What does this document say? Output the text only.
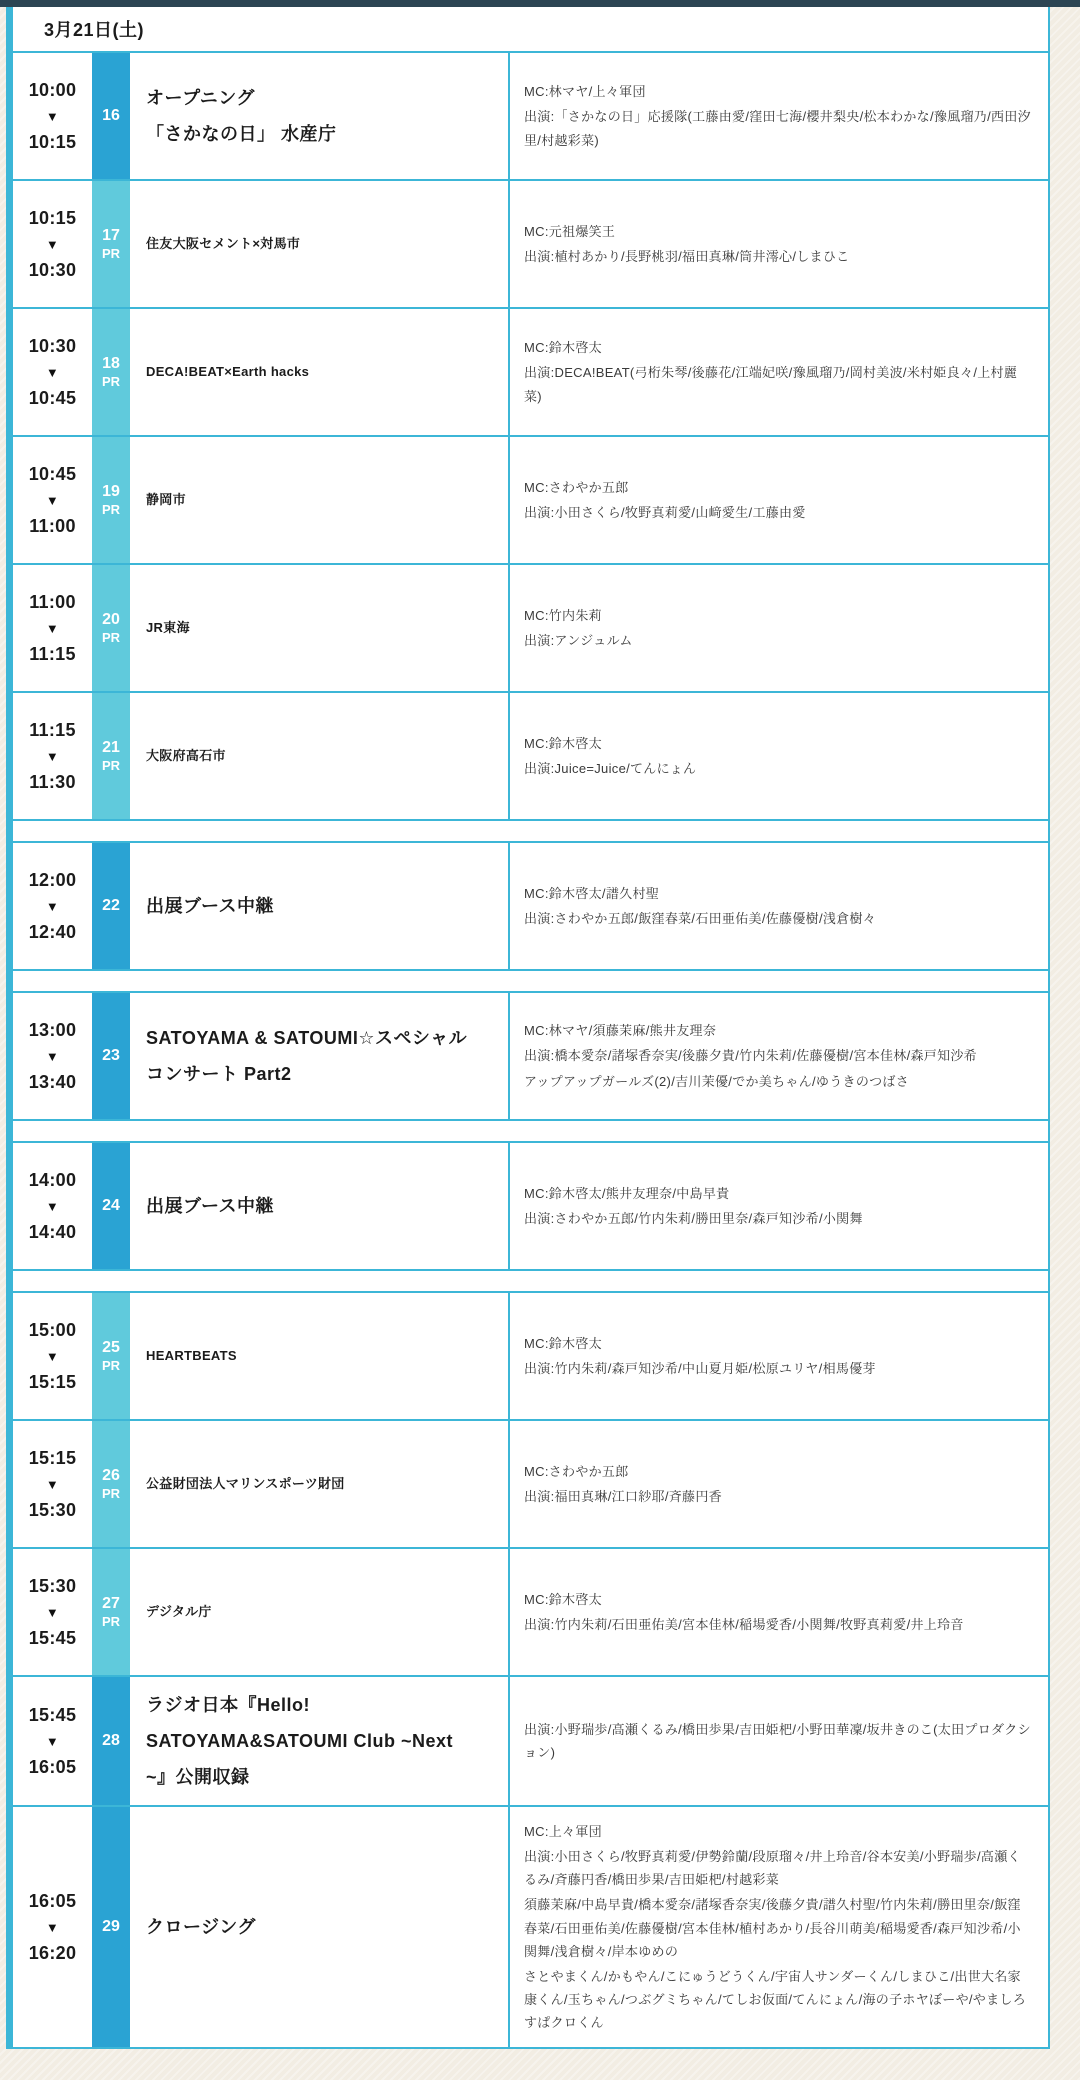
3月21日(土)
10:00
▼
10:15
16
オープニング
「さかなの日」 水産庁

MC:林マヤ/上々軍団

出演:「さかなの日」応援隊(工藤由愛/窪田七海/櫻井梨央/松本わかな/豫風瑠乃/西田汐里/村越彩菜)

10:15
▼
10:30
17
PR
住友大阪セメント×対馬市

MC:元祖爆笑王

出演:植村あかり/長野桃羽/福田真琳/筒井澪心/しまひこ

10:30
▼
10:45
18
PR
DECA!BEAT×Earth hacks

MC:鈴木啓太

出演:DECA!BEAT(弓桁朱琴/後藤花/江端妃咲/豫風瑠乃/岡村美波/米村姫良々/上村麗菜)

10:45
▼
11:00
19
PR
静岡市

MC:さわやか五郎

出演:小田さくら/牧野真莉愛/山﨑愛生/工藤由愛

11:00
▼
11:15
20
PR
JR東海

MC:竹内朱莉

出演:アンジュルム

11:15
▼
11:30
21
PR
大阪府高石市

MC:鈴木啓太

出演:Juice=Juice/てんにょん

12:00
▼
12:40
22 出展ブース中継

MC:鈴木啓太/譜久村聖

出演:さわやか五郎/飯窪春菜/石田亜佑美/佐藤優樹/浅倉樹々

13:00
▼
13:40
23
SATOYAMA & SATOUMI☆スペシャル
コンサート Part2

MC:林マヤ/須藤茉麻/熊井友理奈

出演:橋本愛奈/諸塚香奈実/後藤夕貴/竹内朱莉/佐藤優樹/宮本佳林/森戸知沙希

アップアップガールズ(2)/吉川茉優/でか美ちゃん/ゆうきのつばさ

14:00
▼
14:40
24 出展ブース中継

MC:鈴木啓太/熊井友理奈/中島早貴

出演:さわやか五郎/竹内朱莉/勝田里奈/森戸知沙希/小関舞

15:00
▼
15:15
25
PR
HEARTBEATS

MC:鈴木啓太

出演:竹内朱莉/森戸知沙希/中山夏月姫/松原ユリヤ/相馬優芽

15:15
▼
15:30
26
PR
公益財団法人マリンスポーツ財団

MC:さわやか五郎

出演:福田真琳/江口紗耶/斉藤円香

15:30
▼
15:45
27
PR
デジタル庁

MC:鈴木啓太

出演:竹内朱莉/石田亜佑美/宮本佳林/稲場愛香/小関舞/牧野真莉愛/井上玲音

15:45
▼
16:05
28
ラジオ日本『Hello!
SATOYAMA&SATOUMI Club ~Next
~』公開収録

出演:小野瑞歩/高瀬くるみ/橋田歩果/吉田姫杷/小野田華凜/坂井きのこ(太田プロダクション)

16:05
▼
16:20
29 クロージング

MC:上々軍団

出演:小田さくら/牧野真莉愛/伊勢鈴蘭/段原瑠々/井上玲音/谷本安美/小野瑞歩/高瀬くるみ/斉藤円香/橋田歩果/吉田姫杷/村越彩菜

須藤茉麻/中島早貴/橋本愛奈/諸塚香奈実/後藤夕貴/譜久村聖/竹内朱莉/勝田里奈/飯窪春菜/石田亜佑美/佐藤優樹/宮本佳林/植村あかり/長谷川萌美/稲場愛香/森戸知沙希/小関舞/浅倉樹々/岸本ゆめの

さとやまくん/かもやん/こにゅうどうくん/宇宙人サンダーくん/しまひこ/出世大名家康くん/玉ちゃん/つぶグミちゃん/てしお仮面/てんにょん/海の子ホヤぼーや/やましろすぱクロくん
